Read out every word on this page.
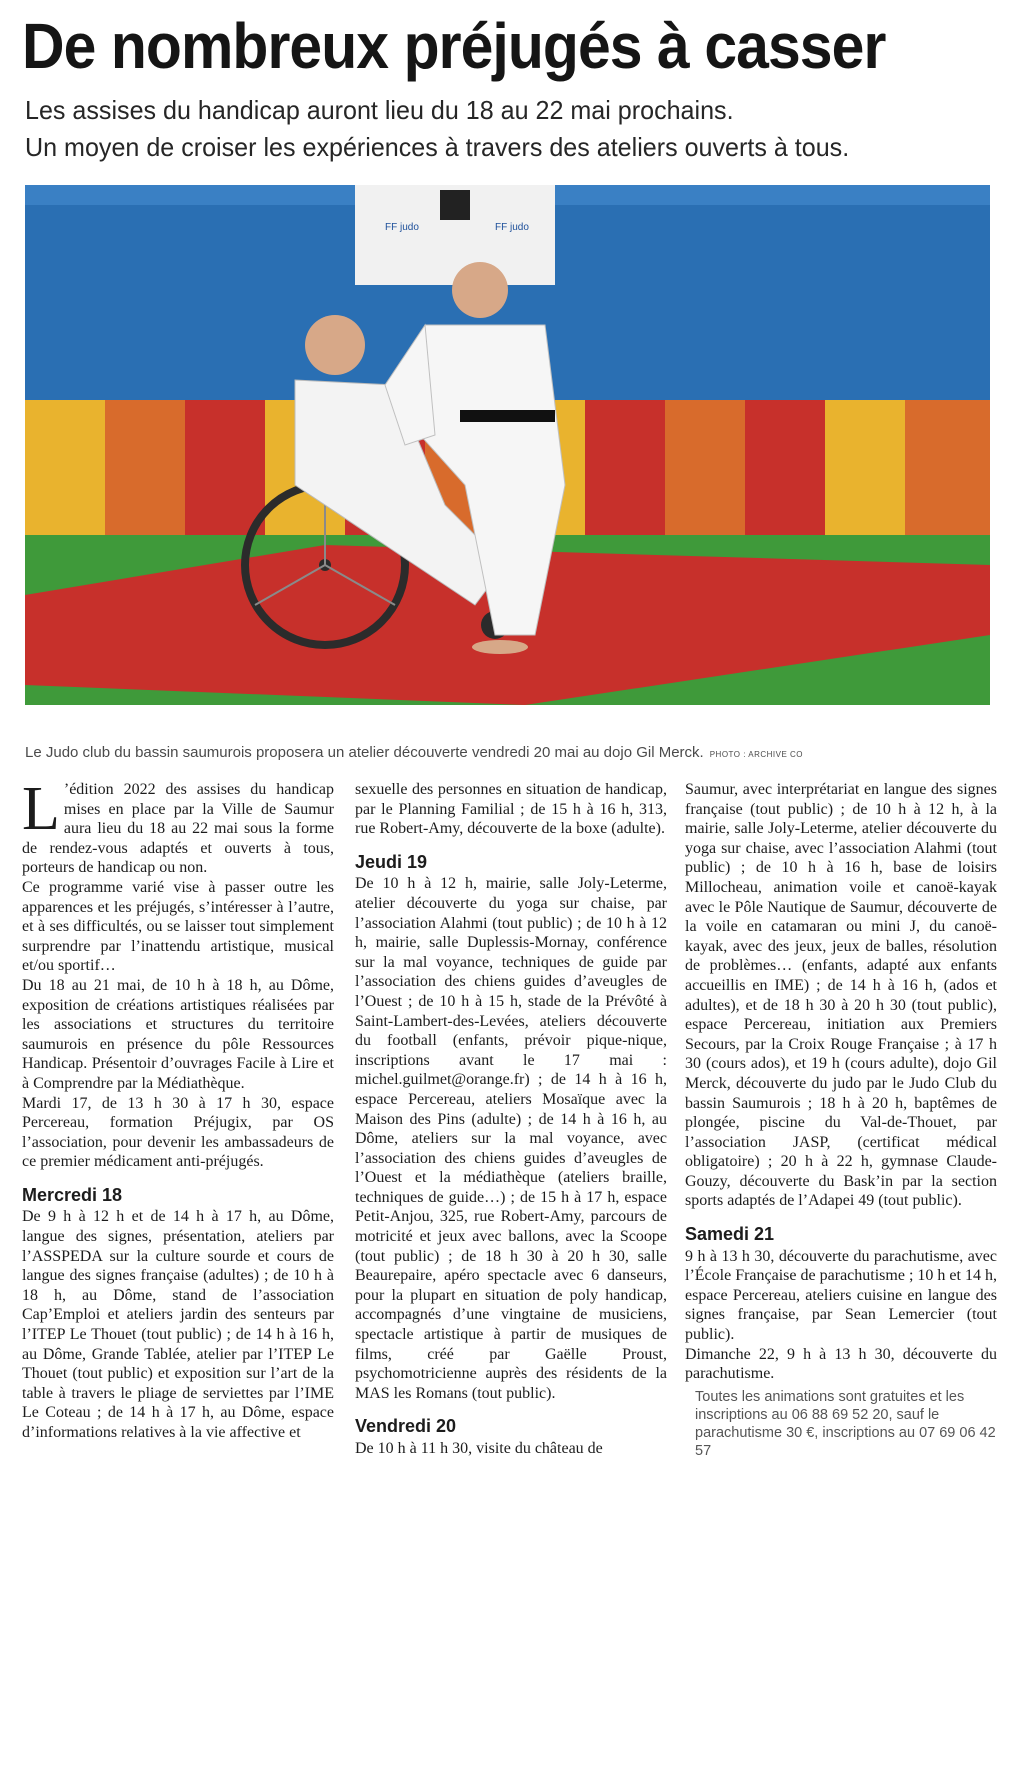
De nombreux préjugés à casser

Les assises du handicap auront lieu du 18 au 22 mai prochains.

Un moyen de croiser les expériences à travers des ateliers ouverts à tous.

FF judo	FF judo
Le Judo club du bassin saumurois proposera un atelier découverte vendredi 20 mai au dojo Gil Merck. PHOTO : ARCHIVE CO

L ’édition 2022 des assises du handicap mises en place par la Ville de Saumur aura lieu du 18 au 22 mai sous la forme de rendez-vous adaptés et ouverts à tous, porteurs de handicap ou non.

Ce programme varié vise à passer outre les apparences et les préjugés, s’intéresser à l’autre, et à ses difficultés, ou se laisser tout simplement surprendre par l’inattendu artistique, musical et/ou sportif…

Du 18 au 21 mai, de 10 h à 18 h, au Dôme, exposition de créations artistiques réalisées par les associations et structures du territoire saumurois en présence du pôle Ressources Handicap. Présentoir d’ouvrages Facile à Lire et à Comprendre par la Médiathèque.

Mardi 17, de 13 h 30 à 17 h 30, espace Percereau, formation Préjugix, par OS l’association, pour devenir les ambassadeurs de ce premier médicament anti-préjugés.

Mercredi 18

De 9 h à 12 h et de 14 h à 17 h, au Dôme, langue des signes, présentation, ateliers par l’ASSPEDA sur la culture sourde et cours de langue des signes française (adultes) ; de 10 h à 18 h, au Dôme, stand de l’association Cap’Emploi et ateliers jardin des senteurs par l’ITEP Le Thouet (tout public) ; de 14 h à 16 h, au Dôme, Grande Tablée, atelier par l’ITEP Le Thouet (tout public) et exposition sur l’art de la table à travers le pliage de serviettes par l’IME Le Coteau ; de 14 h à 17 h, au Dôme, espace d’informations relatives à la vie affective et

sexuelle des personnes en situation de handicap, par le Planning Familial ; de 15 h à 16 h, 313, rue Robert-Amy, découverte de la boxe (adulte).

Jeudi 19

De 10 h à 12 h, mairie, salle Joly-Leterme, atelier découverte du yoga sur chaise, par l’association Alahmi (tout public) ; de 10 h à 12 h, mairie, salle Duplessis-Mornay, conférence sur la mal voyance, techniques de guide par l’association des chiens guides d’aveugles de l’Ouest ; de 10 h à 15 h, stade de la Prévôté à Saint-Lambert-des-Levées, ateliers découverte du football (enfants, prévoir pique-nique, inscriptions avant le 17 mai : michel.guilmet@orange.fr) ; de 14 h à 16 h, espace Percereau, ateliers Mosaïque avec la Maison des Pins (adulte) ; de 14 h à 16 h, au Dôme, ateliers sur la mal voyance, avec l’association des chiens guides d’aveugles de l’Ouest et la médiathèque (ateliers braille, techniques de guide…) ; de 15 h à 17 h, espace Petit-Anjou, 325, rue Robert-Amy, parcours de motricité et jeux avec ballons, avec la Scoope (tout public) ; de 18 h 30 à 20 h 30, salle Beaurepaire, apéro spectacle avec 6 danseurs, pour la plupart en situation de poly handicap, accompagnés d’une vingtaine de musiciens, spectacle artistique à partir de musiques de films, créé par Gaëlle Proust, psychomotricienne auprès des résidents de la MAS les Romans (tout public).

Vendredi 20

De 10 h à 11 h 30, visite du château de

Saumur, avec interprétariat en langue des signes française (tout public) ; de 10 h à 12 h, à la mairie, salle Joly-Leterme, atelier découverte du yoga sur chaise, avec l’association Alahmi (tout public) ; de 10 h à 16 h, base de loisirs Millocheau, animation voile et canoë-kayak avec le Pôle Nautique de Saumur, découverte de la voile en catamaran ou mini J, du canoë-kayak, avec des jeux, jeux de balles, résolution de problèmes… (enfants, adapté aux enfants accueillis en IME) ; de 14 h à 16 h, (ados et adultes), et de 18 h 30 à 20 h 30 (tout public), espace Percereau, initiation aux Premiers Secours, par la Croix Rouge Française ; à 17 h 30 (cours ados), et 19 h (cours adulte), dojo Gil Merck, découverte du judo par le Judo Club du bassin Saumurois ; 18 h à 20 h, baptêmes de plongée, piscine du Val-de-Thouet, par l’association JASP, (certificat médical obligatoire) ; 20 h à 22 h, gymnase Claude-Gouzy, découverte du Bask’in par la section sports adaptés de l’Adapei 49 (tout public).

Samedi 21

9 h à 13 h 30, découverte du parachutisme, avec l’École Française de parachutisme ; 10 h et 14 h, espace Percereau, ateliers cuisine en langue des signes française, par Sean Lemercier (tout public).

Dimanche 22, 9 h à 13 h 30, découverte du parachutisme.

Toutes les animations sont gratuites et les inscriptions au 06 88 69 52 20, sauf le parachutisme 30 €, inscriptions au 07 69 06 42 57
